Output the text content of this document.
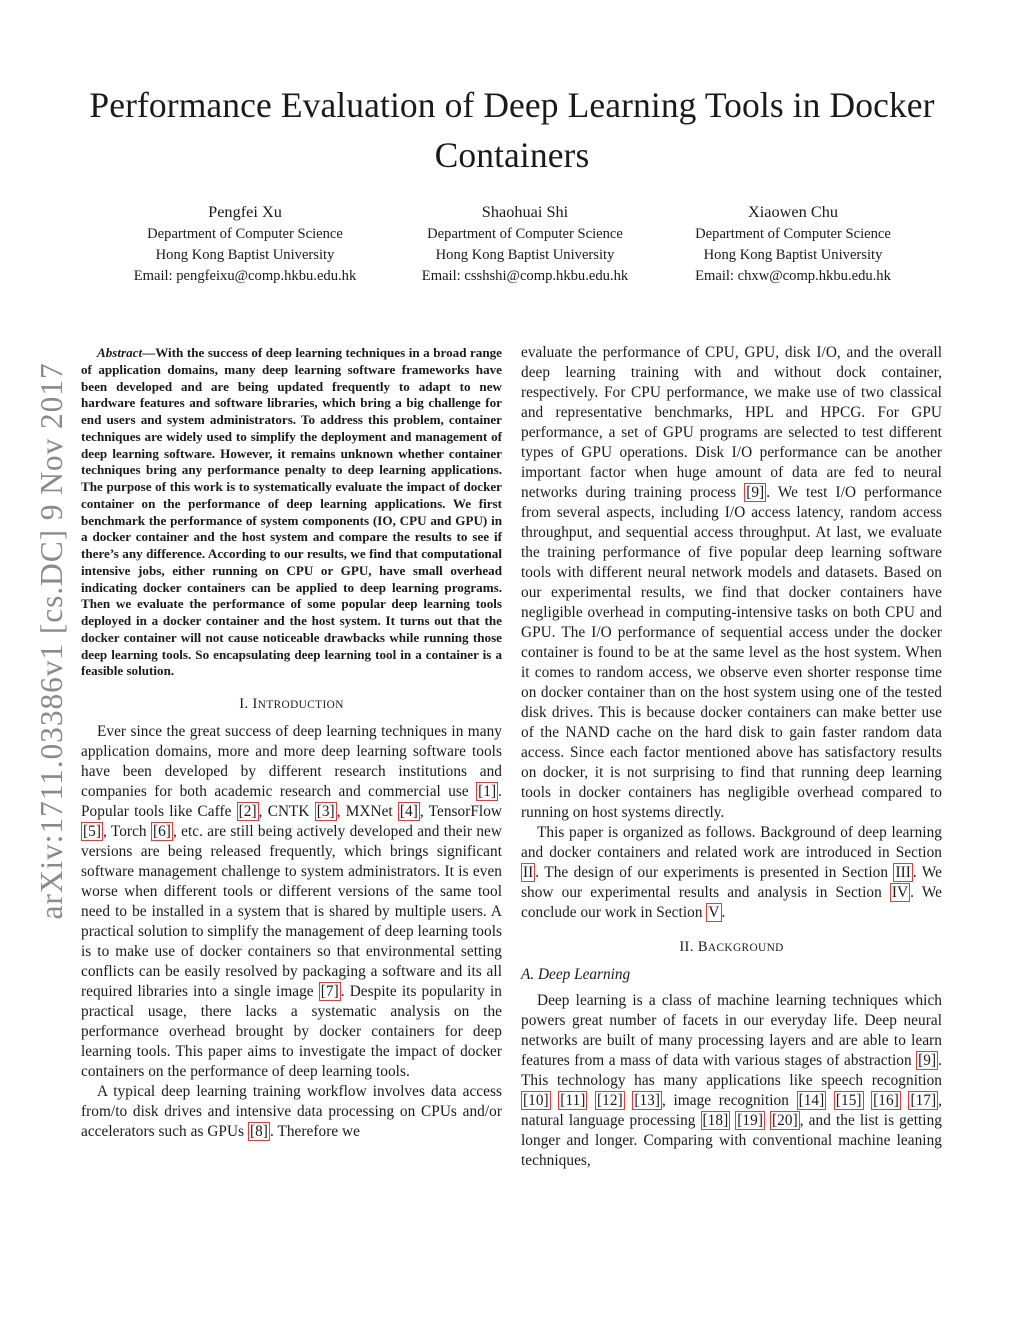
Performance Evaluation of Deep Learning Tools in Docker Containers
Pengfei Xu
Department of Computer Science
Hong Kong Baptist University
Email: pengfeixu@comp.hkbu.edu.hk
Shaohuai Shi
Department of Computer Science
Hong Kong Baptist University
Email: csshshi@comp.hkbu.edu.hk
Xiaowen Chu
Department of Computer Science
Hong Kong Baptist University
Email: chxw@comp.hkbu.edu.hk
arXiv:1711.03386v1 [cs.DC] 9 Nov 2017

Abstract—With the success of deep learning techniques in a broad range of application domains, many deep learning software frameworks have been developed and are being updated frequently to adapt to new hardware features and software libraries, which bring a big challenge for end users and system administrators. To address this problem, container techniques are widely used to simplify the deployment and management of deep learning software. However, it remains unknown whether container techniques bring any performance penalty to deep learning applications. The purpose of this work is to systematically evaluate the impact of docker container on the performance of deep learning applications. We first benchmark the performance of system components (IO, CPU and GPU) in a docker container and the host system and compare the results to see if there’s any difference. According to our results, we find that computational intensive jobs, either running on CPU or GPU, have small overhead indicating docker containers can be applied to deep learning programs. Then we evaluate the performance of some popular deep learning tools deployed in a docker container and the host system. It turns out that the docker container will not cause noticeable drawbacks while running those deep learning tools. So encapsulating deep learning tool in a container is a feasible solution.

I. INTRODUCTION

Ever since the great success of deep learning techniques in many application domains, more and more deep learning software tools have been developed by different research institutions and companies for both academic research and commercial use [1] . Popular tools like Caffe [2] , CNTK [3] , MXNet [4] , TensorFlow [5] , Torch [6] , etc. are still being actively developed and their new versions are being released frequently, which brings significant software management challenge to system administrators. It is even worse when different tools or different versions of the same tool need to be installed in a system that is shared by multiple users. A practical solution to simplify the management of deep learning tools is to make use of docker containers so that environmental setting conflicts can be easily resolved by packaging a software and its all required libraries into a single image [7] . Despite its popularity in practical usage, there lacks a systematic analysis on the performance overhead brought by docker containers for deep learning tools. This paper aims to investigate the impact of docker containers on the performance of deep learning tools.

A typical deep learning training workflow involves data access from/to disk drives and intensive data processing on CPUs and/or accelerators such as GPUs [8] . Therefore we

evaluate the performance of CPU, GPU, disk I/O, and the overall deep learning training with and without dock container, respectively. For CPU performance, we make use of two classical and representative benchmarks, HPL and HPCG. For GPU performance, a set of GPU programs are selected to test different types of GPU operations. Disk I/O performance can be another important factor when huge amount of data are fed to neural networks during training process [9] . We test I/O performance from several aspects, including I/O access latency, random access throughput, and sequential access throughput. At last, we evaluate the training performance of five popular deep learning software tools with different neural network models and datasets. Based on our experimental results, we find that docker containers have negligible overhead in computing-intensive tasks on both CPU and GPU. The I/O performance of sequential access under the docker container is found to be at the same level as the host system. When it comes to random access, we observe even shorter response time on docker container than on the host system using one of the tested disk drives. This is because docker containers can make better use of the NAND cache on the hard disk to gain faster random data access. Since each factor mentioned above has satisfactory results on docker, it is not surprising to find that running deep learning tools in docker containers has negligible overhead compared to running on host systems directly.

This paper is organized as follows. Background of deep learning and docker containers and related work are introduced in Section II . The design of our experiments is presented in Section III . We show our experimental results and analysis in Section IV . We conclude our work in Section V .

II. BACKGROUND
A. Deep Learning

Deep learning is a class of machine learning techniques which powers great number of facets in our everyday life. Deep neural networks are built of many processing layers and are able to learn features from a mass of data with various stages of abstraction [9] . This technology has many applications like speech recognition [10] [11] [12] [13] , image recognition [14] [15] [16] [17] , natural language processing [18] [19] [20] , and the list is getting longer and longer. Comparing with conventional machine leaning techniques,
